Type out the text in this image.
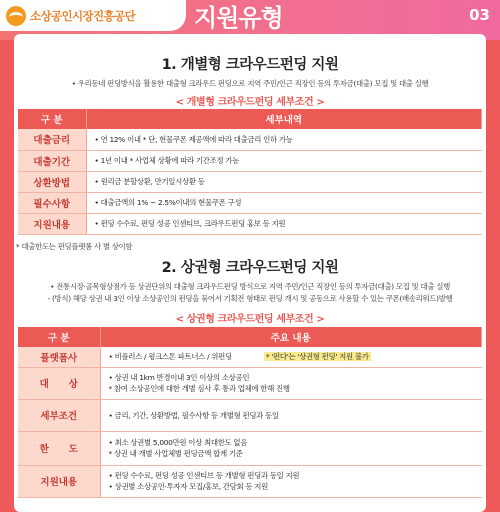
소상공인시장진흥공단 지원유형	03
1. 개별형 크라우드펀딩 지원
• 우리동네 펀딩방식을 활용한 대출형 크라우드 펀딩으로 지역 주민/인근 직장인 등의 투자금(대출) 모집 및 대출 실행
< 개별형 크라우드펀딩 세부조건 >
구 분	세부내역
대출금리	• 연 12% 이내 * 단, 현물쿠폰 제공액에 따라 대출금리 인하 가능

대출기간	• 1년 이내 * 사업체 상황에 따라 기간조정 가능

상환방법	• 원리금 분할상환, 만기일시상환 등

필수사항	• 대출금액의 1% ~ 2.5%이내의 현물쿠폰 구성

지원내용	• 펀딩 수수료, 펀딩 성공 인센티브, 크라우드펀딩 홍보 등 지원
* 대출한도는 펀딩플랫폼 사 별 상이함
2. 상권형 크라우드펀딩 지원
• 전통시장·골목형상점가 등 상권단위의 대출형 크라우드펀딩 방식으로 지역 주민/인근 직장인 등의 투자금(대출) 모집 및 대출 실행
- (방식) 해당 상권 내 3인 이상 소상공인의 펀딩을 묶어서 기획전 형태로 펀딩 개시 및 공동으로 사용할 수 있는 쿠폰(배송리워드)발행
< 상권형 크라우드펀딩 세부조건 >
구 분	주요 내용
플랫폼사	• 비플러스 / 윙크스톤 파트너스 / 위펀딩 * '펀다'는 '상권형 펀딩' 지원 불가
대      상	• 상권 내 1km 반경이내 3인 이상의 소상공인
* 참여 소상공인에 대한 개별 심사 후 통과 업체에 한해 진행

세부조건	• 금리, 기간, 상환방법, 필수사항 등 개별형 펀딩과 동일

한      도	• 최소 상권별 5,000만원 이상 최대한도 없음
* 상권 내 개별 사업체별 펀딩금액 합계 기준

지원내용	• 펀딩 수수료, 펀딩 성공 인센티브 등 개별형 펀딩과 동일 지원
• 상권별 소상공인·투자자 모집/홍보, 간담회 등 지원
